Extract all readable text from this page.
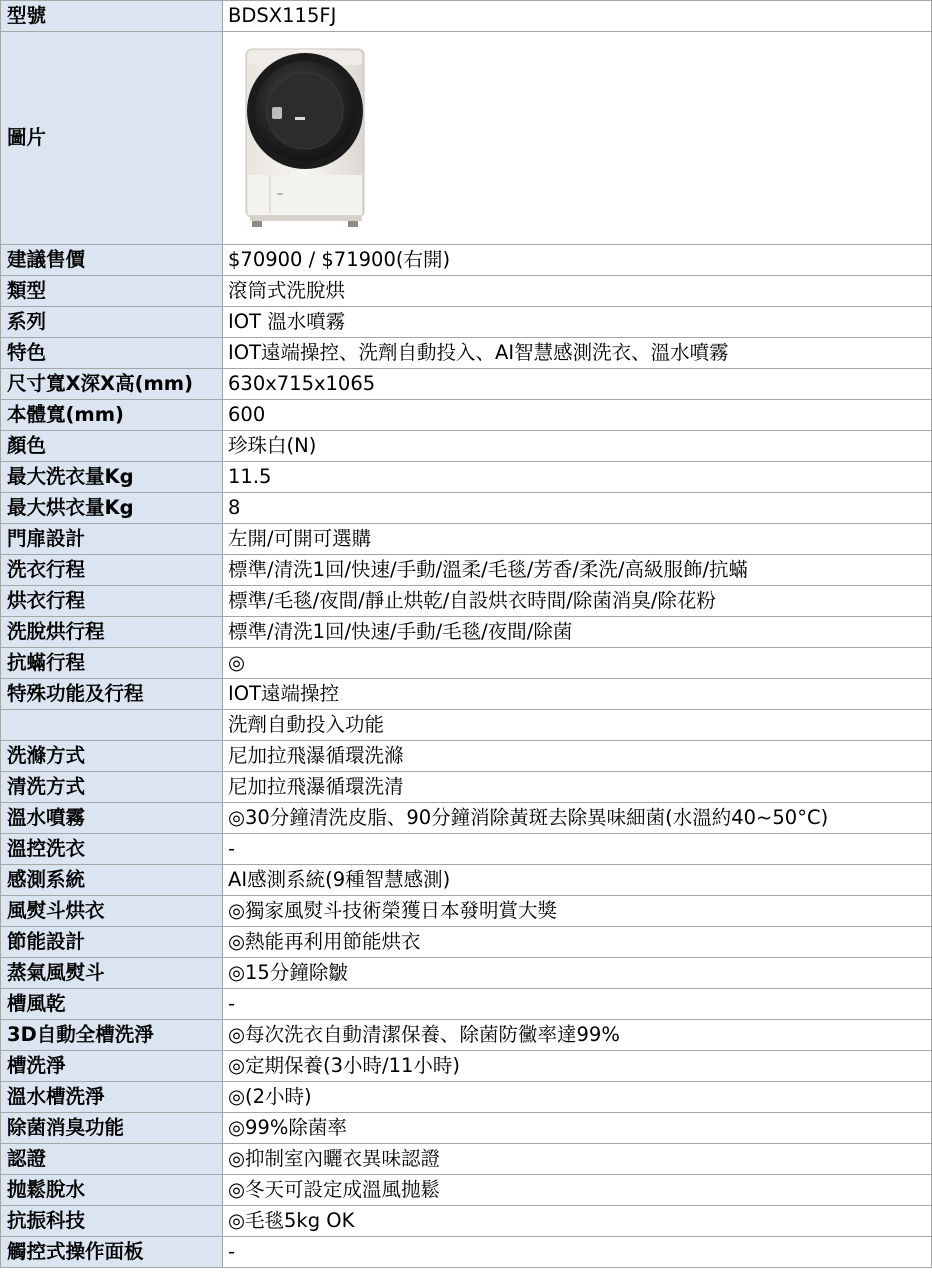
型號	BDSX115FJ
圖片	

建議售價	$70900 / $71900(右開)
類型	滾筒式洗脫烘
系列	IOT 溫水噴霧
特色	IOT遠端操控、洗劑自動投入、AI智慧感測洗衣、溫水噴霧
尺寸寬X深X高(mm)	630x715x1065
本體寬(mm)	600
顏色	珍珠白(N)
最大洗衣量Kg	11.5
最大烘衣量Kg	8
門扉設計	左開/可開可選購
洗衣行程	標準/清洗1回/快速/手動/溫柔/毛毯/芳香/柔洗/高級服飾/抗蟎
烘衣行程	標準/毛毯/夜間/靜止烘乾/自設烘衣時間/除菌消臭/除花粉
洗脫烘行程	標準/清洗1回/快速/手動/毛毯/夜間/除菌
抗蟎行程	◎
特殊功能及行程	IOT遠端操控
	洗劑自動投入功能
洗滌方式	尼加拉飛瀑循環洗滌
清洗方式	尼加拉飛瀑循環洗清
溫水噴霧	◎30分鐘清洗皮脂、90分鐘消除黃斑去除異味細菌(水溫約40~50°C)
溫控洗衣	-
感測系統	AI感測系統(9種智慧感測)
風熨斗烘衣	◎獨家風熨斗技術榮獲日本發明賞大獎
節能設計	◎熱能再利用節能烘衣
蒸氣風熨斗	◎15分鐘除皺
槽風乾	-
3D自動全槽洗淨	◎每次洗衣自動清潔保養、除菌防黴率達99%
槽洗淨	◎定期保養(3小時/11小時)
溫水槽洗淨	◎(2小時)
除菌消臭功能	◎99%除菌率
認證	◎抑制室內曬衣異味認證
抛鬆脫水	◎冬天可設定成溫風抛鬆
抗振科技	◎毛毯5kg OK
觸控式操作面板	-
